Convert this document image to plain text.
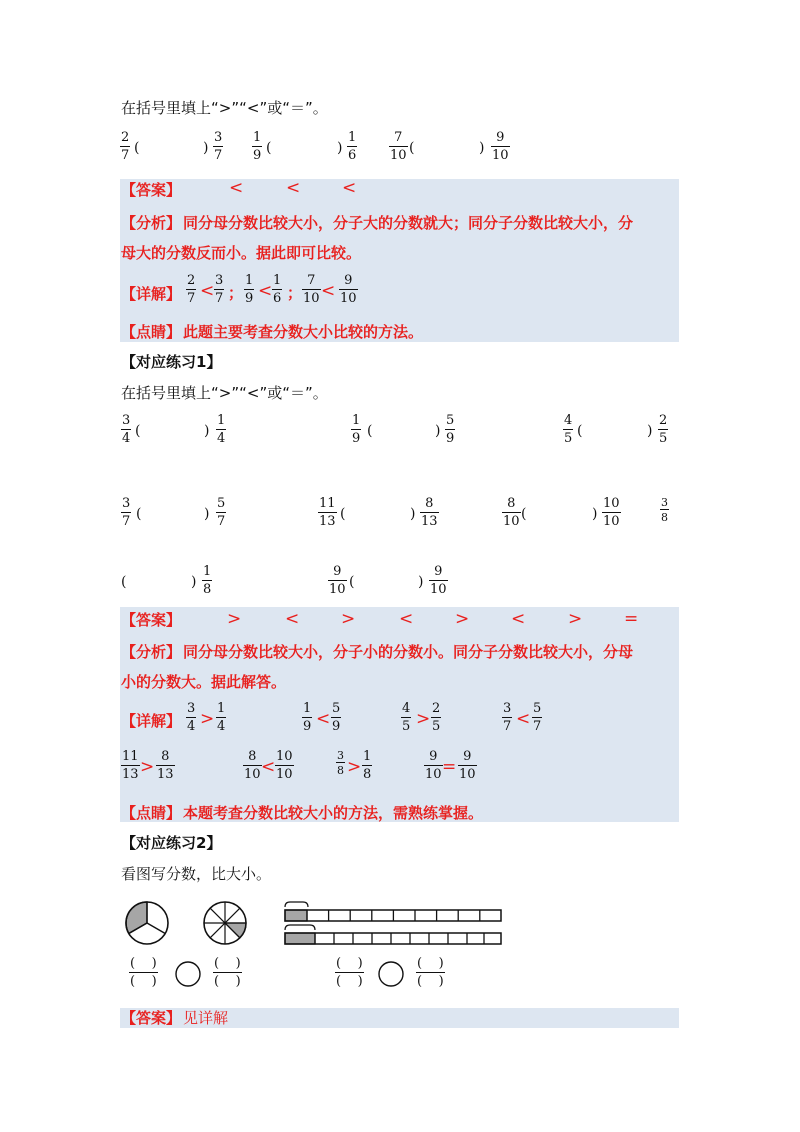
在括号里填上“>”“<”或“＝”。
2
7 (	)
3
7
1
9 (	)
1
6
7
10 (	)
9
10
【答案】	<	< <
【分析】 同分母分数比较大小，分子大的分数就大；同分子分数比较大小，分
母大的分数反而小。据此即可比较。
【详解】
2
7 <
3
7 ；
1
9 <
1
6 ；
7
10 <
9
10
【点睛】 此题主要考查分数大小比较的方法。
【对应练习1】
在括号里填上“>”“<”或“＝”。
3
4 (	)
1
4
1
9 (	)
5
9
4
5 (	)
2
5
3
7 (	)
5
7
11
13 (	)
8
13
8
10 (	)
10
10
(	)
1
8
9
10 (	)
9
10
3
8
【答案】	>	< >	< > <	> =
【分析】 同分母分数比较大小，分子小的分数小。同分子分数比较大小，分母
小的分数大。据此解答。
【详解】
3
4 >
1
4
1
9 <
5
9
4
5 >
2
5
3
7 <
5
7
11
13 >
8
13
8
10 <
10
10
3
8 >
1
8
9
10 =
9
10
【点睛】 本题考查分数比较大小的方法，需熟练掌握。
【对应练习2】
看图写分数，比大小。
( )
( )
( )
( )
( )
( )
( )
( )
【答案】 见详解
